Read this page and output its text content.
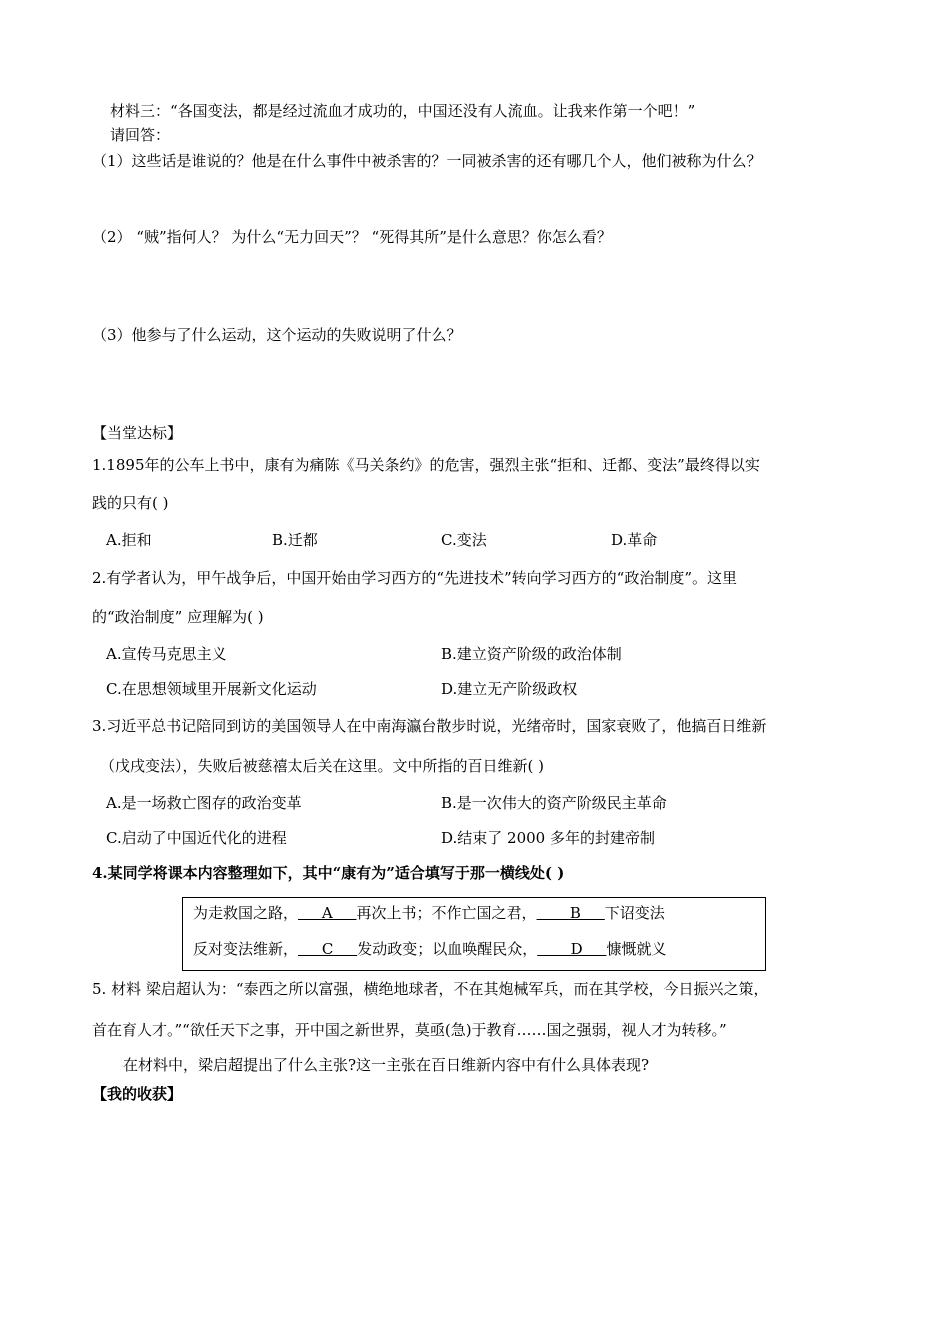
材料三：“各国变法，都是经过流血才成功的，中国还没有人流血。让我来作第一个吧！”
请回答：
（1）这些话是谁说的？他是在什么事件中被杀害的？一同被杀害的还有哪几个人，他们被称为什么？
（2） “贼”指何人？ 为什么“无力回天”？ “死得其所”是什么意思？你怎么看？
（3）他参与了什么运动，这个运动的失败说明了什么？
【当堂达标】
1.1895年的公车上书中，康有为痛陈《马关条约》的危害，强烈主张“拒和、迁都、变法”最终得以实
践的只有( )
A.拒和	B.迁都	C.变法	D.革命
2.有学者认为，甲午战争后，中国开始由学习西方的“先进技术”转向学习西方的“政治制度”。这里
的“政治制度” 应理解为( )
A.宣传马克思主义	B.建立资产阶级的政治体制
C.在思想领域里开展新文化运动	D.建立无产阶级政权
3.习近平总书记陪同到访的美国领导人在中南海瀛台散步时说，光绪帝时，国家衰败了，他搞百日维新
（戊戌变法），失败后被慈禧太后关在这里。文中所指的百日维新( )
A.是一场救亡图存的政治变革	B.是一次伟大的资产阶级民主革命
C.启动了中国近代化的进程	D.结束了 2000 多年的封建帝制
4.某同学将课本内容整理如下，其中“康有为”适合填写于那一横线处( )
为走救国之路，     A     再次上书；不作亡国之君，       B     下诏变法
反对变法维新，     C     发动政变；以血唤醒民众，       D     慷慨就义
5. 材料 梁启超认为：“泰西之所以富强，横绝地球者，不在其炮械军兵，而在其学校，今日振兴之策，
首在育人才。”“欲任天下之事，开中国之新世界，莫亟(急)于教育……国之强弱，视人才为转移。”
在材料中，梁启超提出了什么主张?这一主张在百日维新内容中有什么具体表现?
【我的收获】
